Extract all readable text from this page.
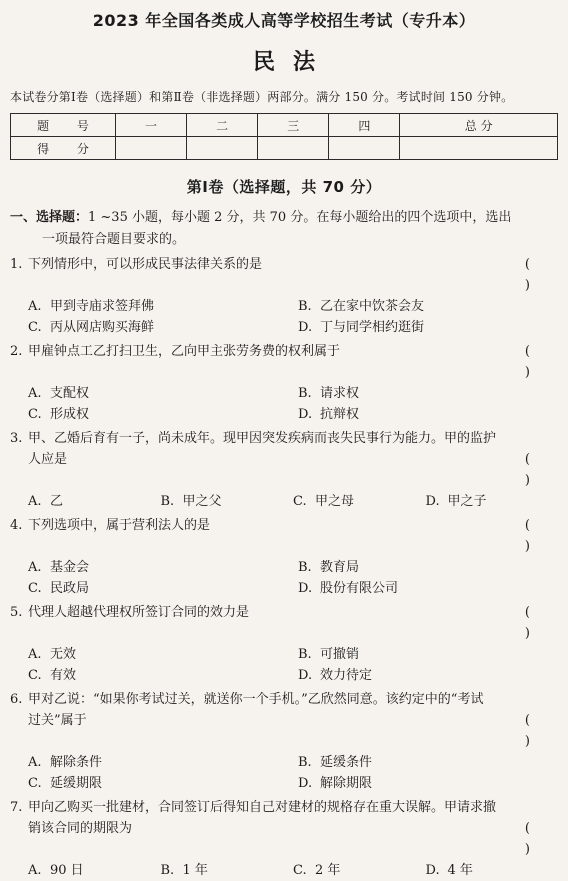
2023 年全国各类成人高等学校招生考试（专升本）
民法
本试卷分第Ⅰ卷（选择题）和第Ⅱ卷（非选择题）两部分。满分 150 分。考试时间 150 分钟。
题 号	一	二	三	四	总 分
得 分					
第Ⅰ卷（选择题，共 70 分）
一、选择题：1 ~35 小题，每小题 2 分，共 70 分。在每小题给出的四个选项中，选出
一项最符合题目要求的。
1. 下列情形中，可以形成民事法律关系的是	( )
A. 甲到寺庙求签拜佛	B. 乙在家中饮茶会友
C. 丙从网店购买海鲜	D. 丁与同学相约逛街
2. 甲雇钟点工乙打扫卫生，乙向甲主张劳务费的权利属于	( )
A. 支配权	B. 请求权
C. 形成权	D. 抗辩权
3. 甲、乙婚后育有一子，尚未成年。现甲因突发疾病而丧失民事行为能力。甲的监护
人应是	( )
A. 乙	B. 甲之父	C. 甲之母	D. 甲之子
4. 下列选项中，属于营利法人的是	( )
A. 基金会	B. 教育局
C. 民政局	D. 股份有限公司
5. 代理人超越代理权所签订合同的效力是	( )
A. 无效	B. 可撤销
C. 有效	D. 效力待定
6. 甲对乙说：“如果你考试过关，就送你一个手机。”乙欣然同意。该约定中的“考试
过关”属于	( )
A. 解除条件	B. 延缓条件
C. 延缓期限	D. 解除期限
7. 甲向乙购买一批建材，合同签订后得知自己对建材的规格存在重大误解。甲请求撤
销该合同的期限为	( )
A. 90 日	B. 1 年	C. 2 年	D. 4 年
